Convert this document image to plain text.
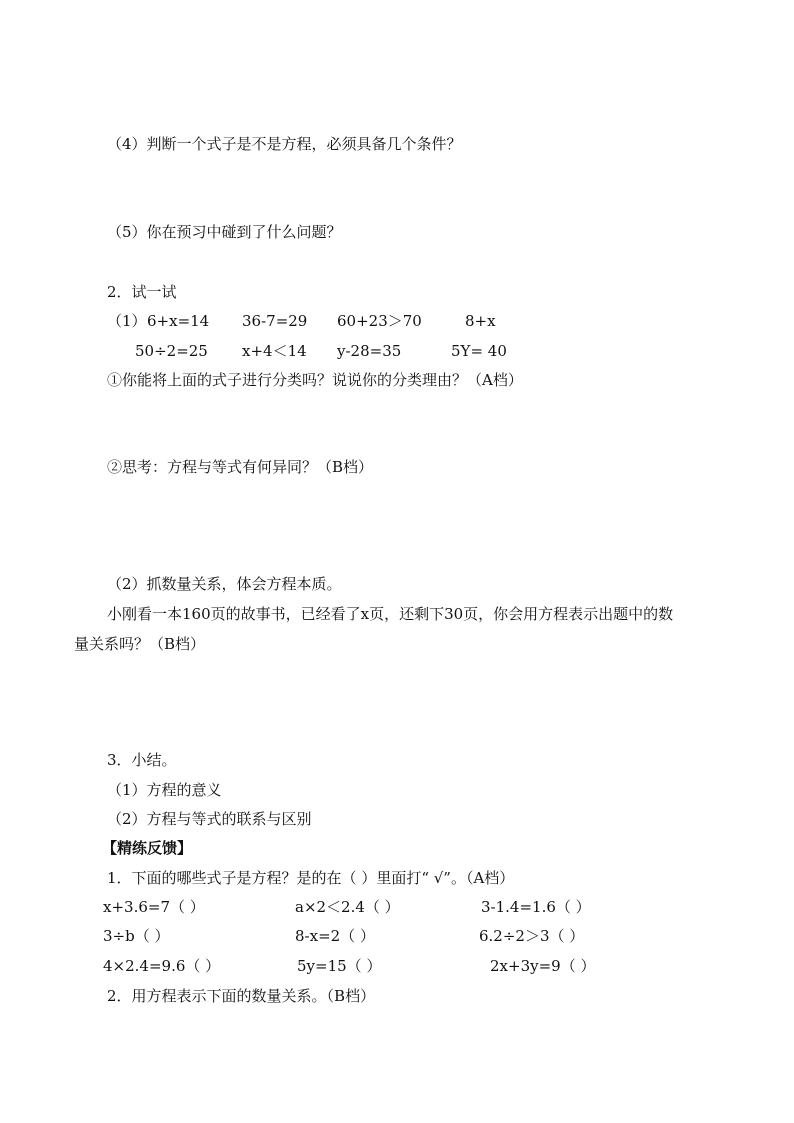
（4）判断一个式子是不是方程，必须具备几个条件？
（5）你在预习中碰到了什么问题？
2．试一试
（1） 6+x=14 36-7=29 60+23＞70	8+x
50÷2=25 x+4＜14 y-28=35	5Y= 40
①你能将上面的式子进行分类吗？说说你的分类理由？（A档）
②思考：方程与等式有何异同？（B档）
（2）抓数量关系，体会方程本质。
小刚看一本160页的故事书，已经看了x页，还剩下30页，你会用方程表示出题中的数
量关系吗？（B档）
3．小结。
（1）方程的意义
（2）方程与等式的联系与区别
【精练反馈】
1．下面的哪些式子是方程？是的在（ ）里面打“ √”。（A档）
x+3.6=7（ ）	a×2＜2.4（ ）	3-1.4=1.6（ ）
3÷b（ ）	8-x=2（ ）	6.2÷2＞3（ ）
4×2.4=9.6（ ）	5y=15（ ）	2x+3y=9（ ）
2．用方程表示下面的数量关系。（B档）
